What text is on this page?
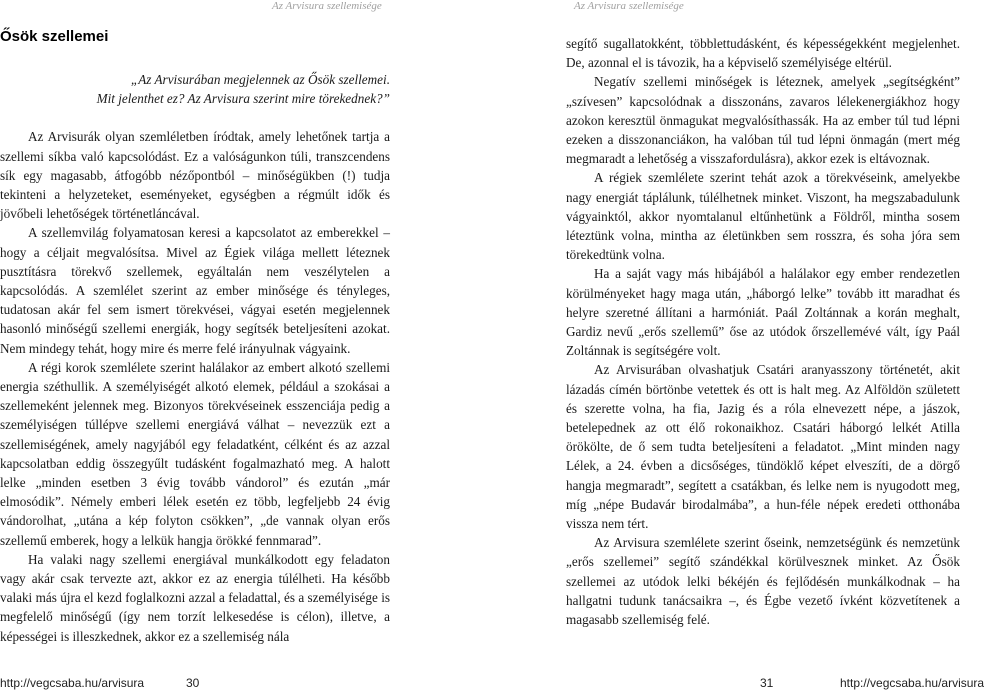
Az Arvisura szellemisége	Az Arvisura szellemisége
Ősök szellemei
„Az Arvisurában megjelennek az Ősök szellemei.
Mit jelenthet ez? Az Arvisura szerint mire törekednek?”

Az Arvisurák olyan szemléletben íródtak, amely lehetőnek tartja a szellemi síkba való kapcsolódást. Ez a valóságunkon túli, transzcendens sík egy magasabb, átfogóbb nézőpontból – minőségükben (!) tudja tekinteni a helyzeteket, eseményeket, egységben a régmúlt idők és jövőbeli lehetőségek történetláncával.

A szellemvilág folyamatosan keresi a kapcsolatot az emberekkel – hogy a céljait megvalósítsa. Mivel az Égiek világa mellett léteznek pusztításra törekvő szellemek, egyáltalán nem veszélytelen a kapcsolódás. A szemlélet szerint az ember minősége és tényleges, tudatosan akár fel sem ismert törekvései, vágyai esetén megjelennek hasonló minőségű szellemi energiák, hogy segítsék beteljesíteni azokat. Nem mindegy tehát, hogy mire és merre felé irányulnak vágyaink.

A régi korok szemlélete szerint halálakor az embert alkotó szellemi energia széthullik. A személyiségét alkotó elemek, például a szokásai a szellemeként jelennek meg. Bizonyos törekvéseinek esszenciája pedig a személyiségen túllépve szellemi energiává válhat – nevezzük ezt a szellemiségének, amely nagyjából egy feladatként, célként és az azzal kapcsolatban eddig összegyűlt tudásként fogalmazható meg. A halott lelke „minden esetben 3 évig tovább vándorol” és ezután „már elmosódik”. Némely emberi lélek esetén ez több, legfeljebb 24 évig vándorolhat, „utána a kép folyton csökken”, „de vannak olyan erős szellemű emberek, hogy a lelkük hangja örökké fennmarad”.

Ha valaki nagy szellemi energiával munkálkodott egy feladaton vagy akár csak tervezte azt, akkor ez az energia túlélheti. Ha később valaki más újra el kezd foglalkozni azzal a feladattal, és a személyisége is megfelelő minőségű (így nem torzít lelkesedése is célon), illetve, a képességei is illeszkednek, akkor ez a szellemiség nála

segítő sugallatokként, többlettudásként, és képességekként megjelenhet. De, azonnal el is távozik, ha a képviselő személyisége eltérül.

Negatív szellemi minőségek is léteznek, amelyek „segítségként” „szívesen” kapcsolódnak a disszonáns, zavaros lélekenergiákhoz hogy azokon keresztül önmagukat megvalósíthassák. Ha az ember túl tud lépni ezeken a disszonanciákon, ha valóban túl tud lépni önmagán (mert még megmaradt a lehetőség a visszafordulásra), akkor ezek is eltávoznak.

A régiek szemlélete szerint tehát azok a törekvéseink, amelyekbe nagy energiát táplálunk, túlélhetnek minket. Viszont, ha megszabadulunk vágyainktól, akkor nyomtalanul eltűnhetünk a Földről, mintha sosem léteztünk volna, mintha az életünkben sem rosszra, és soha jóra sem törekedtünk volna.

Ha a saját vagy más hibájából a halálakor egy ember rendezetlen körülményeket hagy maga után, „háborgó lelke” tovább itt maradhat és helyre szeretné állítani a harmóniát. Paál Zoltánnak a korán meghalt, Gardiz nevű „erős szellemű” őse az utódok őrszellemévé vált, így Paál Zoltánnak is segítségére volt.

Az Arvisurában olvashatjuk Csatári aranyasszony történetét, akit lázadás címén börtönbe vetettek és ott is halt meg. Az Alföldön született és szerette volna, ha fia, Jazig és a róla elnevezett népe, a jászok, betelepednek az ott élő rokonaikhoz. Csatári háborgó lelkét Atilla örökölte, de ő sem tudta beteljesíteni a feladatot. „Mint minden nagy Lélek, a 24. évben a dicsőséges, tündöklő képet elveszíti, de a dörgő hangja megmaradt”, segített a csatákban, és lelke nem is nyugodott meg, míg „népe Budavár birodalmába”, a hun-féle népek eredeti otthonába vissza nem tért.

Az Arvisura szemlélete szerint őseink, nemzetségünk és nemzetünk „erős szellemei” segítő szándékkal körülvesznek minket. Az Ősök szellemei az utódok lelki békéjén és fejlődésén munkálkodnak – ha hallgatni tudunk tanácsaikra –, és Égbe vezető ívként közvetítenek a magasabb szellemiség felé.

http://vegcsaba.hu/arvisura	30	31	http://vegcsaba.hu/arvisura
